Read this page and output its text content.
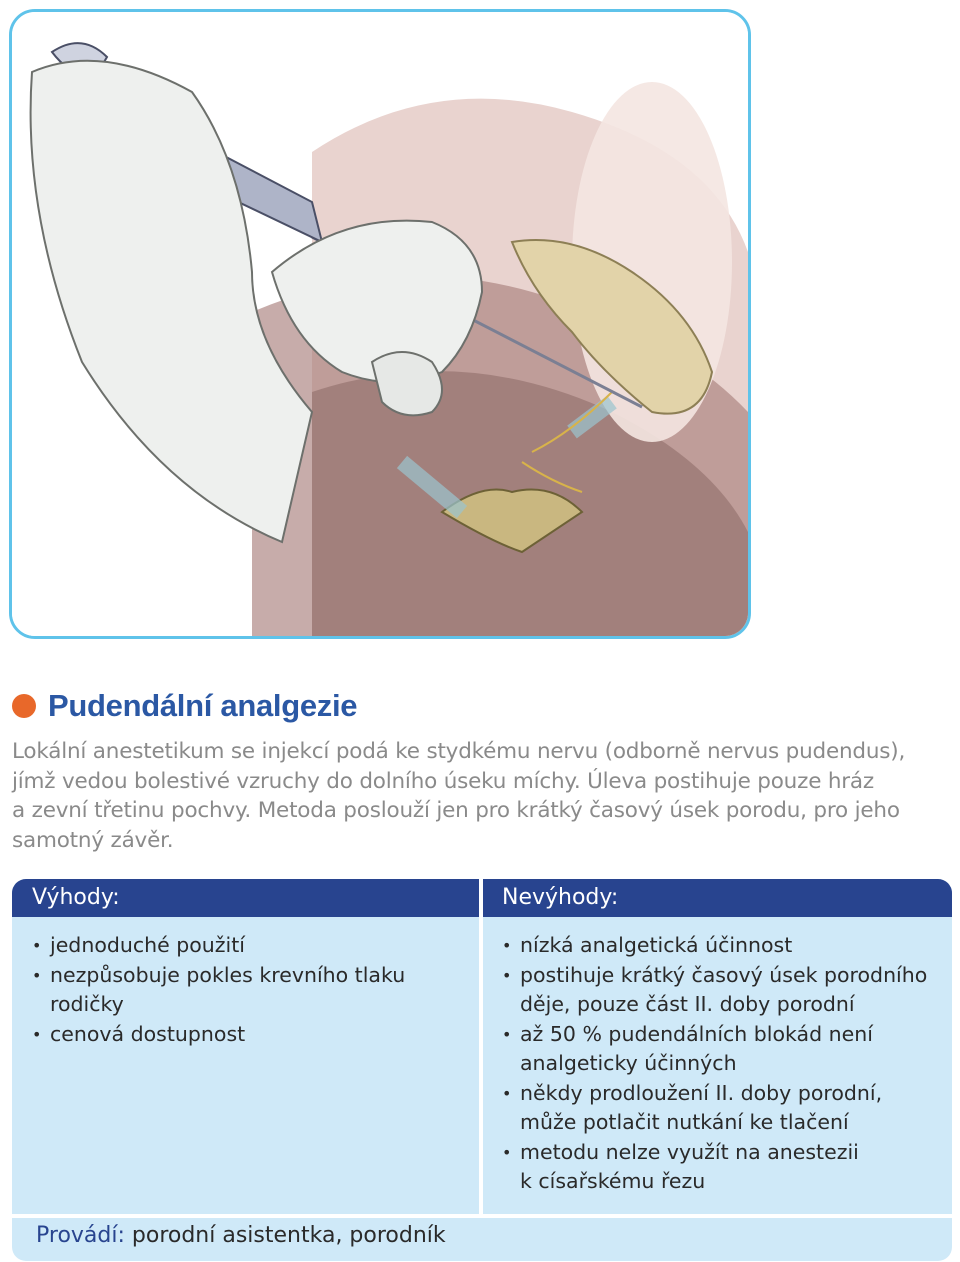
Pudendální analgezie

Lokální anestetikum se injekcí podá ke stydkému nervu (odborně nervus pudendus),
jímž vedou bolestivé vzruchy do dolního úseku míchy. Úleva postihuje pouze hráz
a zevní třetinu pochvy. Metoda poslouží jen pro krátký časový úsek porodu, pro jeho
samotný závěr.

Výhody:	Nevýhody:
• jednoduché použití
• nezpůsobuje pokles krevního tlaku
rodičky
• cenová dostupnost
• nízká analgetická účinnost
• postihuje krátký časový úsek porodního
děje, pouze část II. doby porodní
• až 50 % pudendálních blokád není
analgeticky účinných
• někdy prodloužení II. doby porodní,
může potlačit nutkání ke tlačení
• metodu nelze využít na anestezii
k císařskému řezu

Provádí: porodní asistentka, porodník
